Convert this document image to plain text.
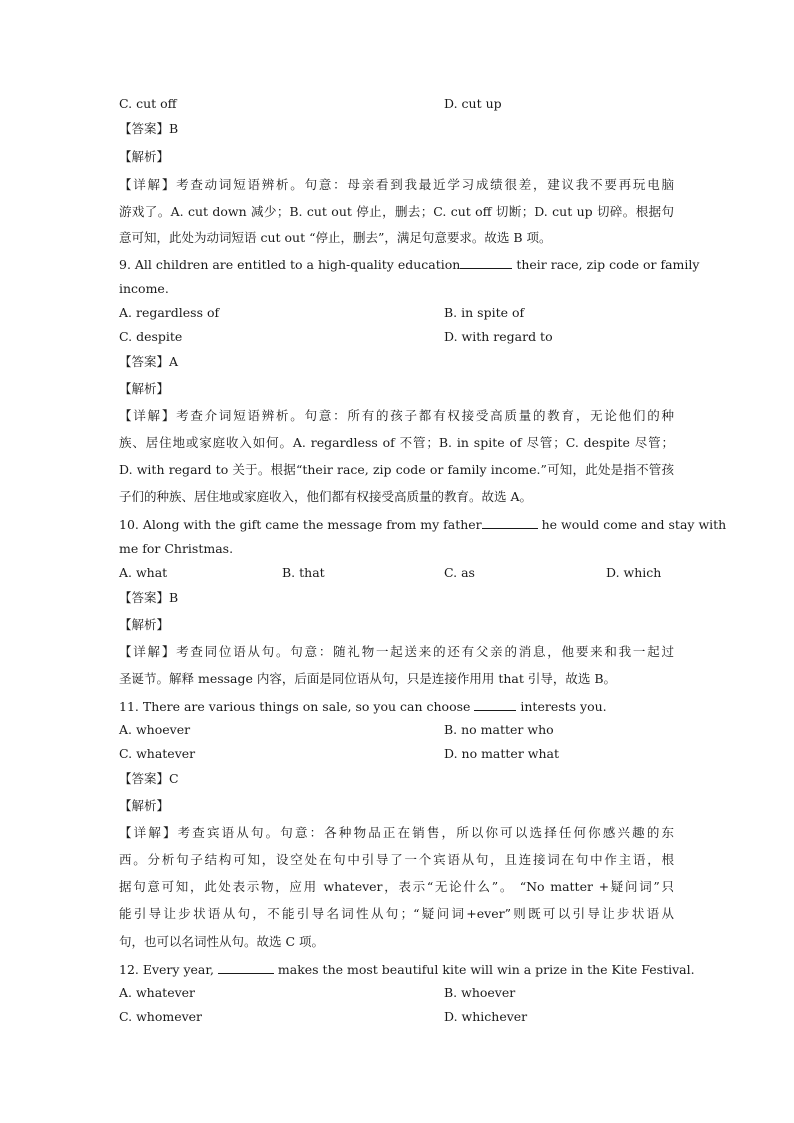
C. cut off	D. cut up
【答案】B
【解析】
【详解】考查动词短语辨析。句意：母亲看到我最近学习成绩很差，建议我不要再玩电脑
游戏了。A. cut down 减少；B. cut out 停止，删去；C. cut off 切断；D. cut up 切碎。根据句
意可知，此处为动词短语 cut out “停止，删去”，满足句意要求。故选 B 项。
9. All children are entitled to a high-quality education	their race, zip code or family
income.
A. regardless of	B. in spite of
C. despite	D. with regard to
【答案】A
【解析】
【详解】考查介词短语辨析。句意：所有的孩子都有权接受高质量的教育，无论他们的种
族、居住地或家庭收入如何。A. regardless of 不管；B. in spite of 尽管；C. despite 尽管；
D. with regard to 关于。根据“their race, zip code or family income.”可知，此处是指不管孩
子们的种族、居住地或家庭收入，他们都有权接受高质量的教育。故选 A。
10. Along with the gift came the message from my father	he would come and stay with
me for Christmas.
A. what	B. that	C. as	D. which
【答案】B
【解析】
【详解】考查同位语从句。句意：随礼物一起送来的还有父亲的消息，他要来和我一起过
圣诞节。解释 message 内容，后面是同位语从句，只是连接作用用 that 引导，故选 B。
11. There are various things on sale, so you can choose	interests you.
A. whoever	B. no matter who
C. whatever	D. no matter what
【答案】C
【解析】
【详解】考查宾语从句。句意：各种物品正在销售，所以你可以选择任何你感兴趣的东
西。分析句子结构可知，设空处在句中引导了一个宾语从句，且连接词在句中作主语，根
据句意可知，此处表示物，应用 whatever，表示“无论什么”。 “No matter +疑问词”只
能引导让步状语从句，不能引导名词性从句；“疑问词+ever”则既可以引导让步状语从
句，也可以名词性从句。故选 C 项。
12. Every year,	makes the most beautiful kite will win a prize in the Kite Festival.
A. whatever	B. whoever
C. whomever	D. whichever
